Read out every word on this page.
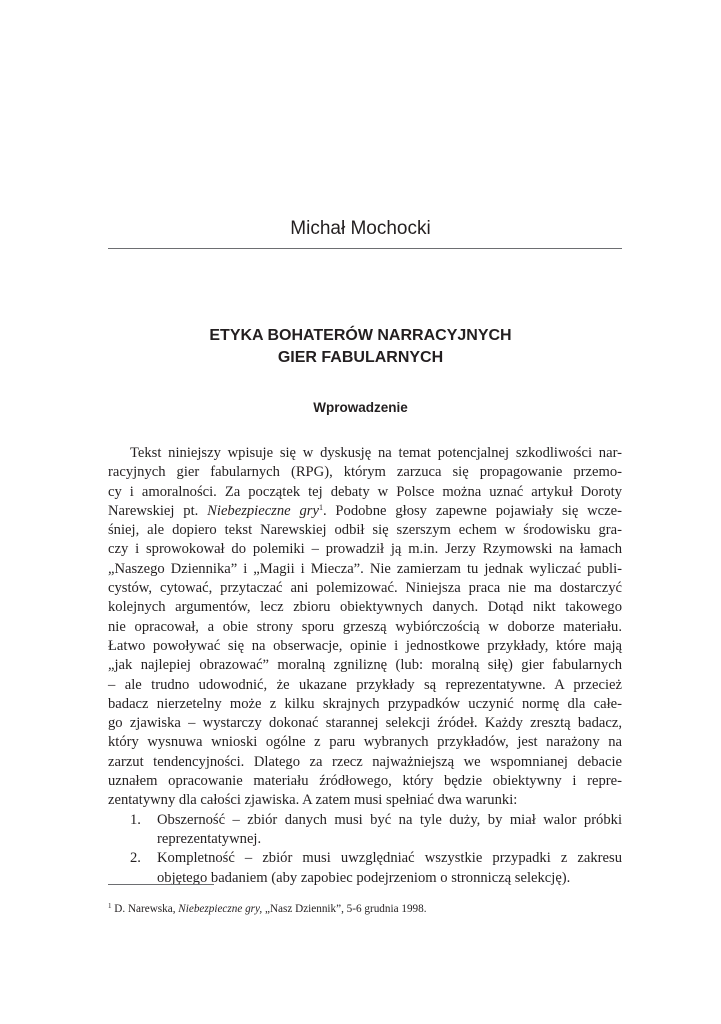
Michał Mochocki
ETYKA BOHATERÓW NARRACYJNYCH
GIER FABULARNYCH
Wprowadzenie
Tekst niniejszy wpisuje się w dyskusję na temat potencjalnej szkodliwości nar-
racyjnych gier fabularnych (RPG), którym zarzuca się propagowanie przemo-
cy i amoralności. Za początek tej debaty w Polsce można uznać artykuł Doroty
Narewskiej pt. Niebezpieczne gry$^1$. Podobne głosy zapewne pojawiały się wcze-
śniej, ale dopiero tekst Narewskiej odbił się szerszym echem w środowisku gra-
czy i sprowokował do polemiki – prowadził ją m.in. Jerzy Rzymowski na łamach
„Naszego Dziennika” i „Magii i Miecza”. Nie zamierzam tu jednak wyliczać publi-
cystów, cytować, przytaczać ani polemizować. Niniejsza praca nie ma dostarczyć
kolejnych argumentów, lecz zbioru obiektywnych danych. Dotąd nikt takowego
nie opracował, a obie strony sporu grzeszą wybiórczością w doborze materiału.
Łatwo powoływać się na obserwacje, opinie i jednostkowe przykłady, które mają
„jak najlepiej obrazować” moralną zgniliznę (lub: moralną siłę) gier fabularnych
– ale trudno udowodnić, że ukazane przykłady są reprezentatywne. A przecież
badacz nierzetelny może z kilku skrajnych przypadków uczynić normę dla całe-
go zjawiska – wystarczy dokonać starannej selekcji źródeł. Każdy zresztą badacz,
który wysnuwa wnioski ogólne z paru wybranych przykładów, jest narażony na
zarzut tendencyjności. Dlatego za rzecz najważniejszą we wspomnianej debacie
uznałem opracowanie materiału źródłowego, który będzie obiektywny i repre-
zentatywny dla całości zjawiska. A zatem musi spełniać dwa warunki:
1. Obszerność – zbiór danych musi być na tyle duży, by miał walor próbki
reprezentatywnej.
2. Kompletność – zbiór musi uwzględniać wszystkie przypadki z zakresu
objętego badaniem (aby zapobiec podejrzeniom o stronniczą selekcję).
$^1$ D. Narewska, Niebezpieczne gry, „Nasz Dziennik”, 5-6 grudnia 1998.
